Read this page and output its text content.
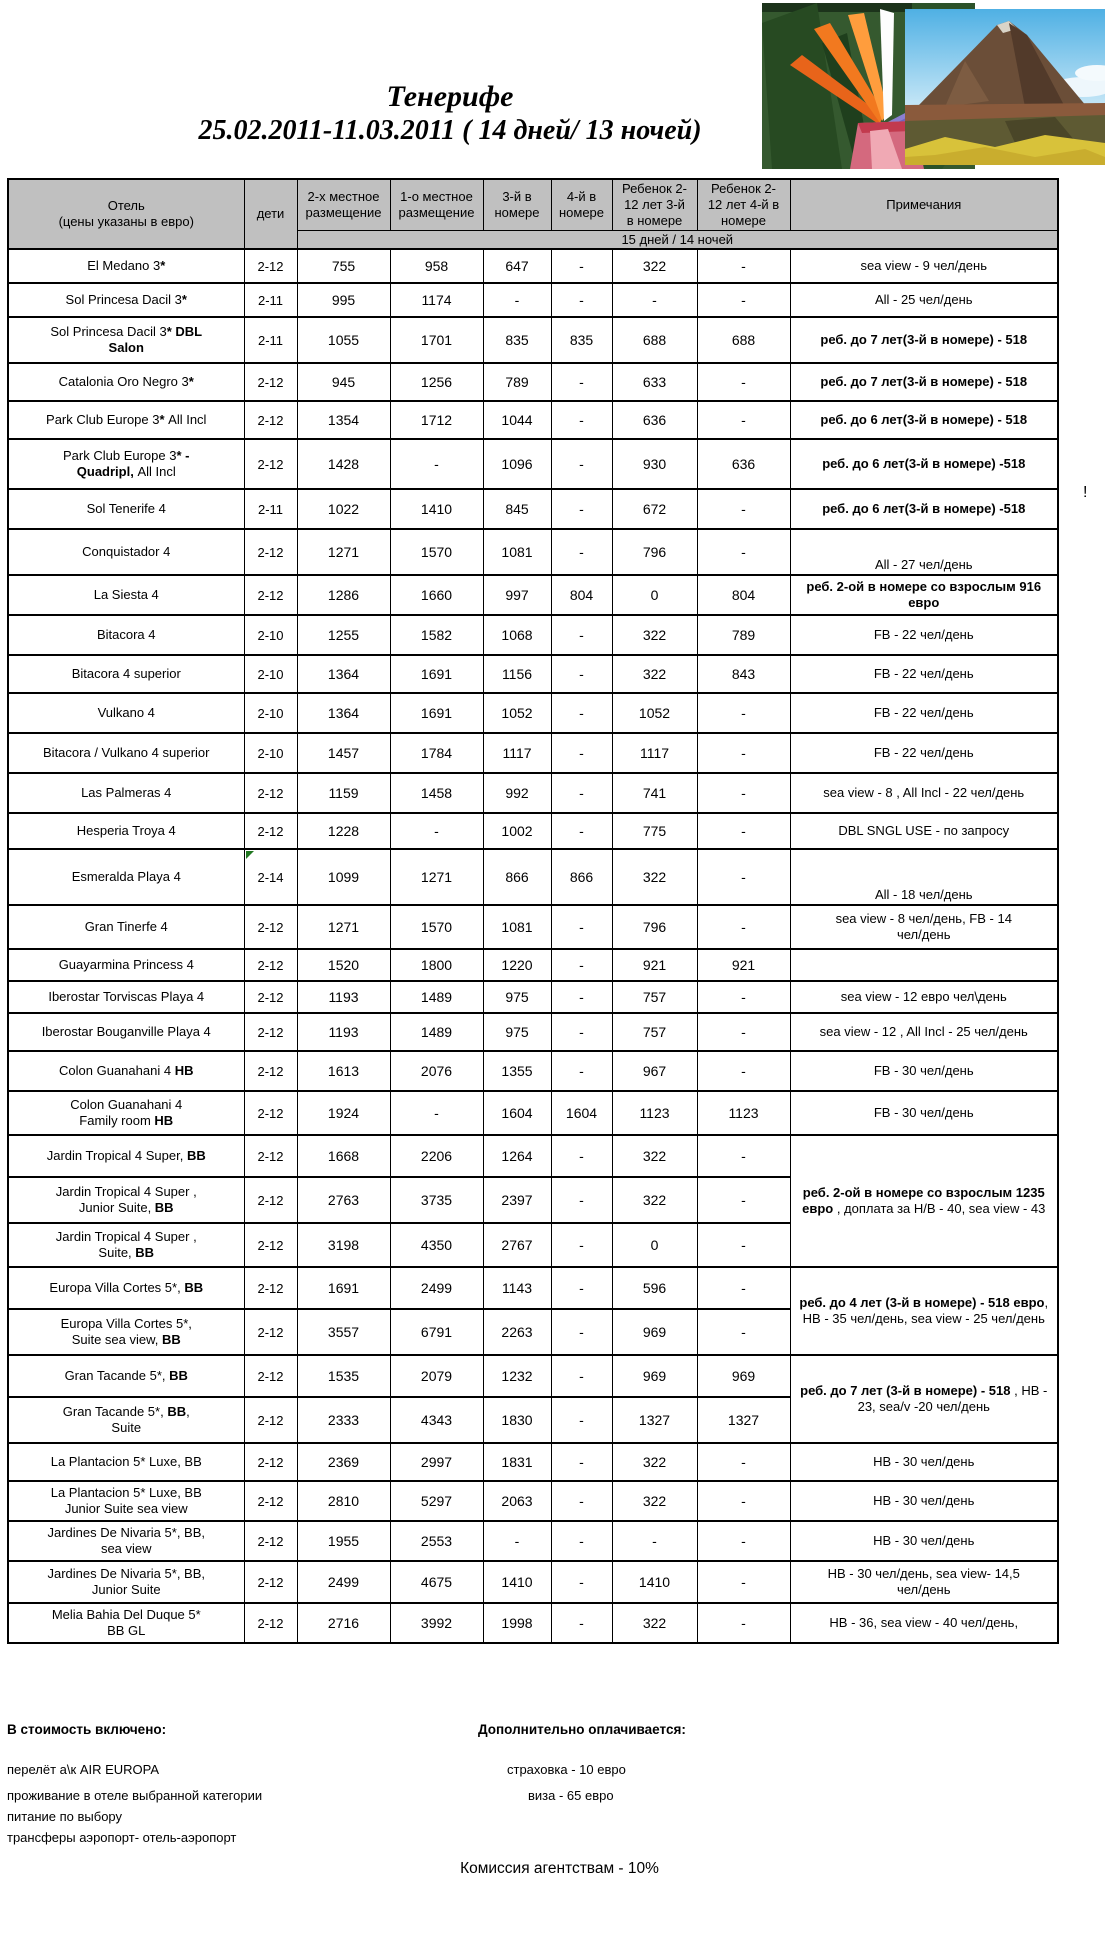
Тенерифе
25.02.2011-11.03.2011 ( 14 дней/ 13 ночей)
Отель
(цены указаны в евро)	дети	2-х местное
размещение	1-о местное
размещение	3-й в
номере	4-й в
номере	Ребенок 2-
12 лет 3-й
в номере	Ребенок 2-
12 лет 4-й в
номере	Примечания
		15 дней / 14 ночей						
El Medano 3*	2-12	755	958	647	-	322	-	sea view - 9 чел/день
Sol Princesa Dacil 3*	2-11	995	1174	-	-	-	-	All - 25 чел/день
Sol Princesa Dacil 3* DBL
Salon	2-11	1055	1701	835	835	688	688	реб. до 7 лет(3-й в номере) - 518
Catalonia Oro Negro 3*	2-12	945	1256	789	-	633	-	реб. до 7 лет(3-й в номере) - 518
Park Club Europe 3* All Incl	2-12	1354	1712	1044	-	636	-	реб. до 6 лет(3-й в номере) - 518
Park Club Europe 3* -
Quadripl, All Incl	2-12	1428	-	1096	-	930	636	реб. до 6 лет(3-й в номере) -518
Sol Tenerife 4	2-11	1022	1410	845	-	672	-	реб. до 6 лет(3-й в номере) -518
Conquistador 4	2-12	1271	1570	1081	-	796	-	All - 27 чел/день
La Siesta 4	2-12	1286	1660	997	804	0	804	реб. 2-ой в номере со взрослым 916 евро
Bitacora 4	2-10	1255	1582	1068	-	322	789	FB - 22 чел/день
Bitacora 4 superior	2-10	1364	1691	1156	-	322	843	FB - 22 чел/день
Vulkano 4	2-10	1364	1691	1052	-	1052	-	FB - 22 чел/день
Bitacora / Vulkano 4 superior	2-10	1457	1784	1117	-	1117	-	FB - 22 чел/день
Las Palmeras 4	2-12	1159	1458	992	-	741	-	sea view - 8 , All Incl - 22 чел/день
Hesperia Troya 4	2-12	1228	-	1002	-	775	-	DBL SNGL USE - по запросу
Esmeralda Playa 4	2-14	1099	1271	866	866	322	-	All - 18 чел/день
Gran Tinerfe 4	2-12	1271	1570	1081	-	796	-	sea view - 8 чел/день, FB - 14
чел/день
Guayarmina Princess 4	2-12	1520	1800	1220	-	921	921	
Iberostar Torviscas Playa 4	2-12	1193	1489	975	-	757	-	sea view - 12 евро чел\день
Iberostar Bouganville Playa 4	2-12	1193	1489	975	-	757	-	sea view - 12 , All Incl - 25 чел/день
Colon Guanahani 4 HB	2-12	1613	2076	1355	-	967	-	FB - 30 чел/день
Colon Guanahani 4
Family room HB	2-12	1924	-	1604	1604	1123	1123	FB - 30 чел/день
Jardin Tropical 4 Super, BB	2-12	1668	2206	1264	-	322	-	реб. 2-ой в номере со взрослым 1235 евро , доплата за H/B - 40, sea view - 43
Jardin Tropical 4 Super ,
Junior Suite, BB	2-12	2763	3735	2397	-	322	-	
Jardin Tropical 4 Super ,
Suite, BB	2-12	3198	4350	2767	-	0	-	
Europa Villa Cortes 5*, BB	2-12	1691	2499	1143	-	596	-	реб. до 4 лет (3-й в номере) - 518 евро, HB - 35 чел/день, sea view - 25 чел/день
Europa Villa Cortes 5*,
Suite sea view, BB	2-12	3557	6791	2263	-	969	-	
Gran Tacande 5*, BB	2-12	1535	2079	1232	-	969	969	реб. до 7 лет (3-й в номере) - 518 , HB - 23, sea/v -20 чел/день
Gran Tacande 5*, BB,
Suite	2-12	2333	4343	1830	-	1327	1327	
La Plantacion 5* Luxe, BB	2-12	2369	2997	1831	-	322	-	HB - 30 чел/день
La Plantacion 5* Luxe, BB
Junior Suite sea view	2-12	2810	5297	2063	-	322	-	HB - 30 чел/день
Jardines De Nivaria 5*, BB,
sea view	2-12	1955	2553	-	-	-	-	HB - 30 чел/день
Jardines De Nivaria 5*, BB,
Junior Suite	2-12	2499	4675	1410	-	1410	-	HB - 30 чел/день, sea view- 14,5
чел/день
Melia Bahia Del Duque 5*
BB GL	2-12	2716	3992	1998	-	322	-	HB - 36, sea view - 40 чел/день,
!
В стоимость включено:
перелёт а\к AIR EUROPA
проживание в отеле выбранной категории
питание по выбору
трансферы аэропорт- отель-аэропорт
Дополнительно оплачивается:
страховка - 10 евро
виза - 65 евро
Комиссия агентствам - 10%
